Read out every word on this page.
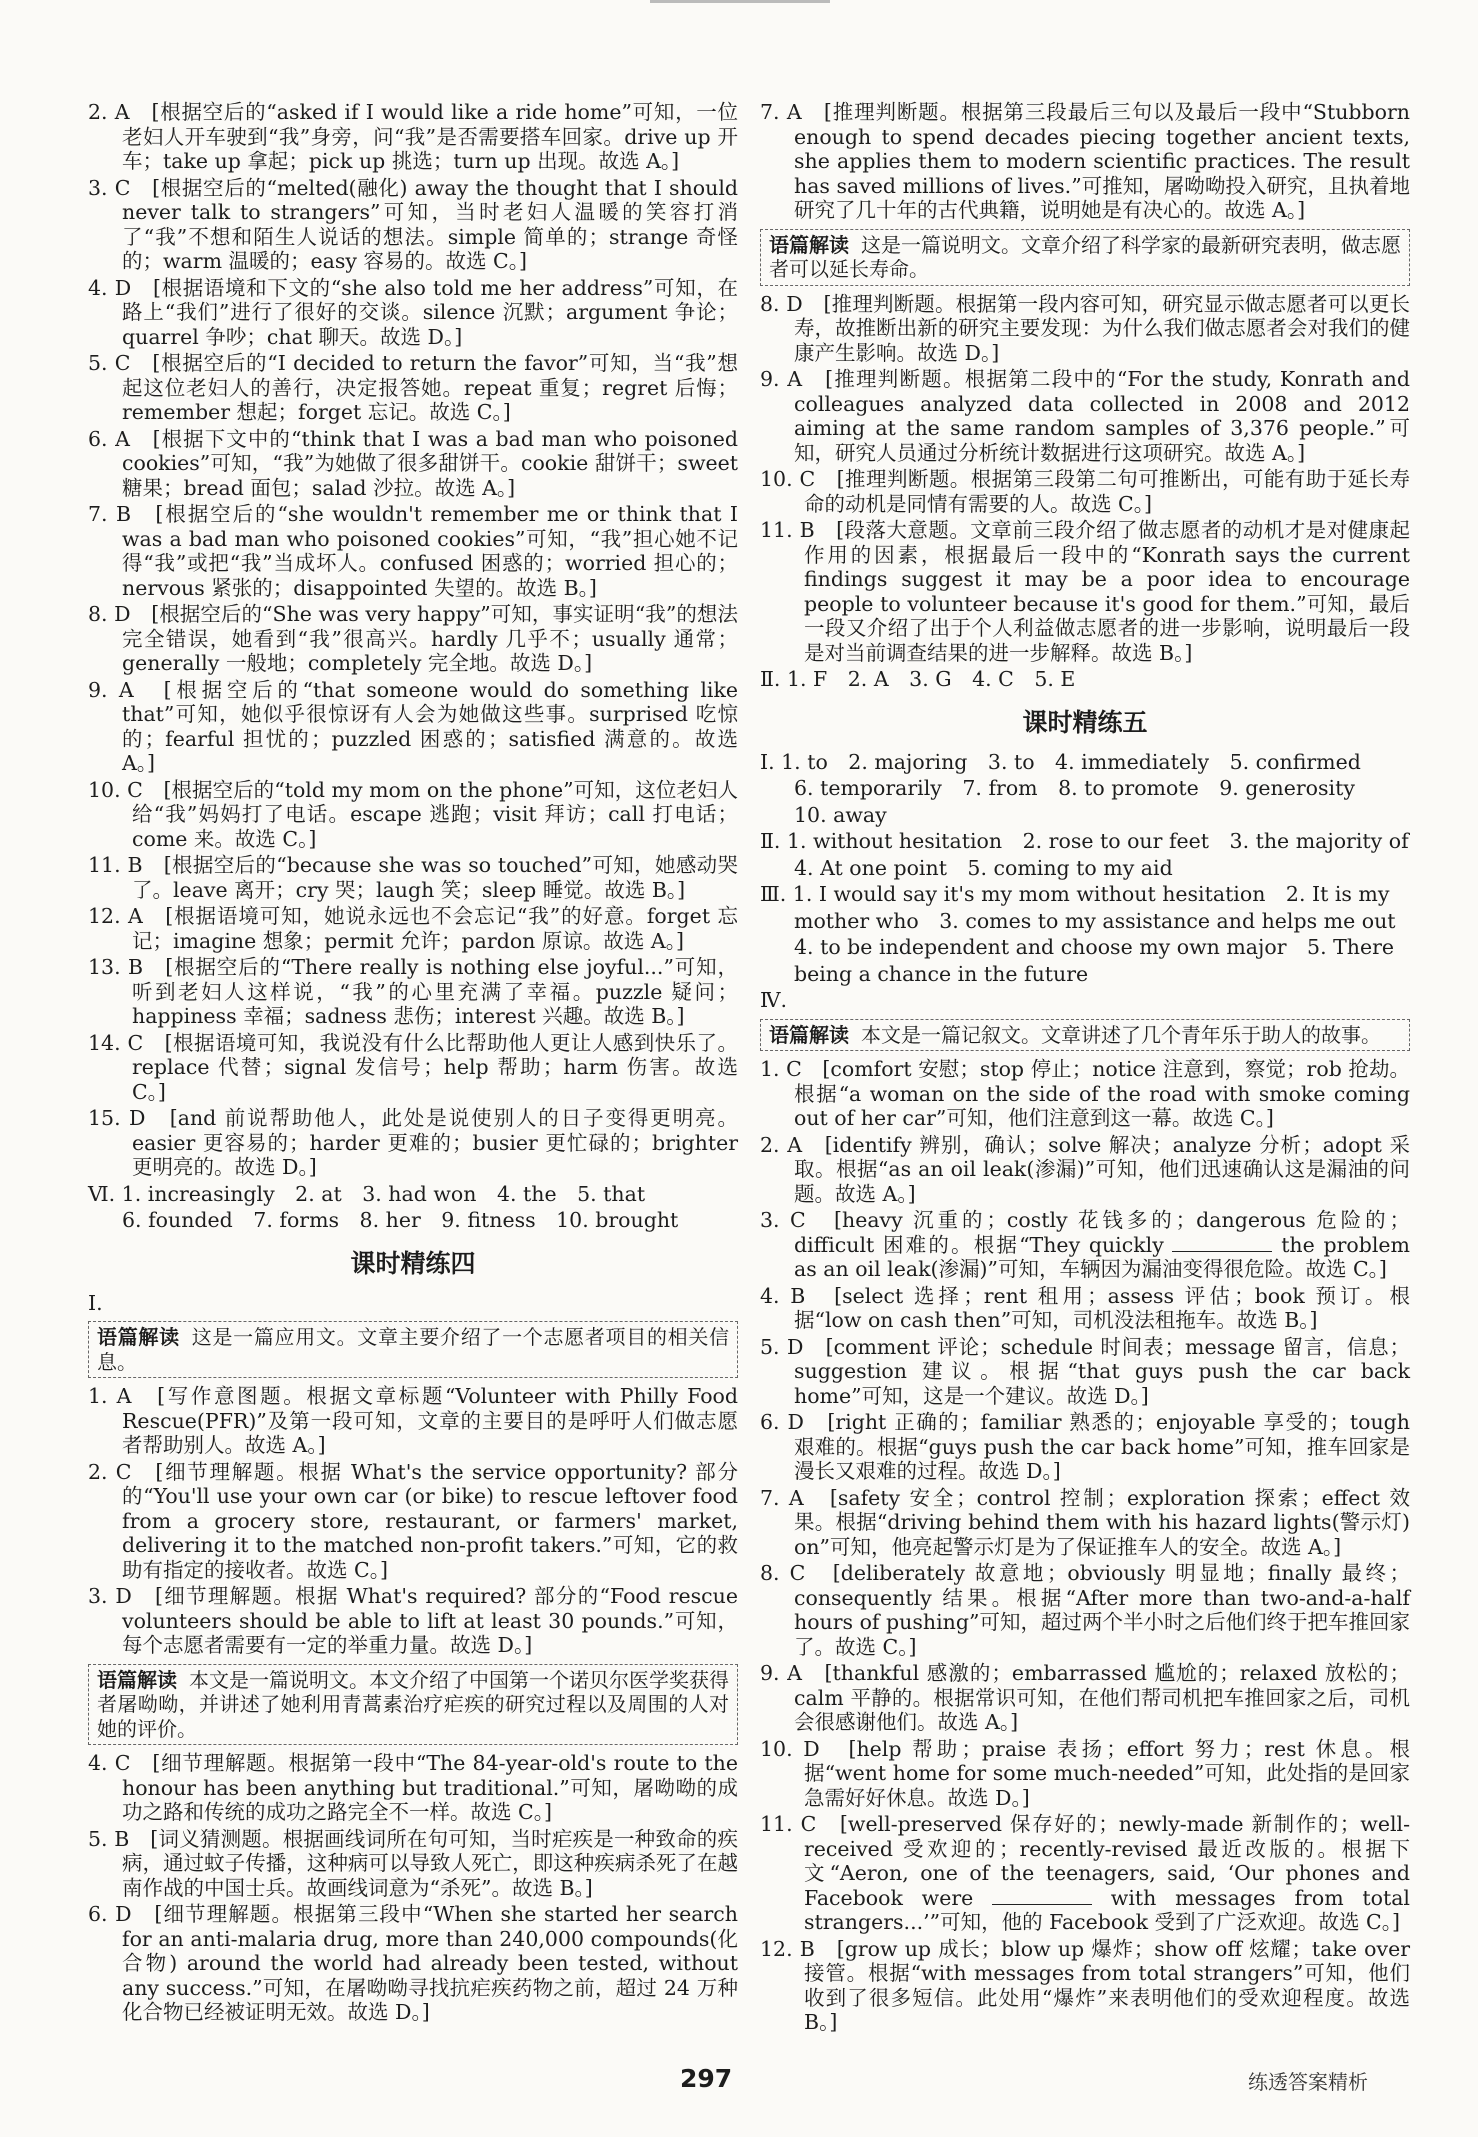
2. A　[根据空后的“asked if I would like a ride home”可知，一位老妇人开车驶到“我”身旁，问“我”是否需要搭车回家。drive up 开车；take up 拿起；pick up 挑选；turn up 出现。故选 A。]

3. C　[根据空后的“melted(融化) away the thought that I should never talk to strangers”可知，当时老妇人温暖的笑容打消了“我”不想和陌生人说话的想法。simple 简单的；strange 奇怪的；warm 温暖的；easy 容易的。故选 C。]

4. D　[根据语境和下文的“she also told me her address”可知，在路上“我们”进行了很好的交谈。silence 沉默；argument 争论；quarrel 争吵；chat 聊天。故选 D。]

5. C　[根据空后的“I decided to return the favor”可知，当“我”想起这位老妇人的善行，决定报答她。repeat 重复；regret 后悔；remember 想起；forget 忘记。故选 C。]

6. A　[根据下文中的“think that I was a bad man who poisoned cookies”可知，“我”为她做了很多甜饼干。cookie 甜饼干；sweet 糖果；bread 面包；salad 沙拉。故选 A。]

7. B　[根据空后的“she wouldn't remember me or think that I was a bad man who poisoned cookies”可知，“我”担心她不记得“我”或把“我”当成坏人。confused 困惑的；worried 担心的；nervous 紧张的；disappointed 失望的。故选 B。]

8. D　[根据空后的“She was very happy”可知，事实证明“我”的想法完全错误，她看到“我”很高兴。hardly 几乎不；usually 通常；generally 一般地；completely 完全地。故选 D。]

9. A　[根据空后的“that someone would do something like that”可知，她似乎很惊讶有人会为她做这些事。surprised 吃惊的；fearful 担忧的；puzzled 困惑的；satisfied 满意的。故选 A。]

10. C　[根据空后的“told my mom on the phone”可知，这位老妇人给“我”妈妈打了电话。escape 逃跑；visit 拜访；call 打电话；come 来。故选 C。]

11. B　[根据空后的“because she was so touched”可知，她感动哭了。leave 离开；cry 哭；laugh 笑；sleep 睡觉。故选 B。]

12. A　[根据语境可知，她说永远也不会忘记“我”的好意。forget 忘记；imagine 想象；permit 允许；pardon 原谅。故选 A。]

13. B　[根据空后的“There really is nothing else joyful...”可知，听到老妇人这样说，“我”的心里充满了幸福。puzzle 疑问；happiness 幸福；sadness 悲伤；interest 兴趣。故选 B。]

14. C　[根据语境可知，我说没有什么比帮助他人更让人感到快乐了。replace 代替；signal 发信号；help 帮助；harm 伤害。故选 C。]

15. D　[and 前说帮助他人，此处是说使别人的日子变得更明亮。easier 更容易的；harder 更难的；busier 更忙碌的；brighter 更明亮的。故选 D。]

Ⅵ. 1. increasingly　2. at　3. had won　4. the　5. that

6. founded　7. forms　8. her　9. fitness　10. brought

课时精练四

Ⅰ.

语篇解读 这是一篇应用文。文章主要介绍了一个志愿者项目的相关信息。

1. A　[写作意图题。根据文章标题“Volunteer with Philly Food Rescue(PFR)”及第一段可知，文章的主要目的是呼吁人们做志愿者帮助别人。故选 A。]

2. C　[细节理解题。根据 What's the service opportunity? 部分的“You'll use your own car (or bike) to rescue leftover food from a grocery store, restaurant, or farmers' market, delivering it to the matched non-profit takers.”可知，它的救助有指定的接收者。故选 C。]

3. D　[细节理解题。根据 What's required? 部分的“Food rescue volunteers should be able to lift at least 30 pounds.”可知，每个志愿者需要有一定的举重力量。故选 D。]

语篇解读 本文是一篇说明文。本文介绍了中国第一个诺贝尔医学奖获得者屠呦呦，并讲述了她利用青蒿素治疗疟疾的研究过程以及周围的人对她的评价。

4. C　[细节理解题。根据第一段中“The 84-year-old's route to the honour has been anything but traditional.”可知，屠呦呦的成功之路和传统的成功之路完全不一样。故选 C。]

5. B　[词义猜测题。根据画线词所在句可知，当时疟疾是一种致命的疾病，通过蚊子传播，这种病可以导致人死亡，即这种疾病杀死了在越南作战的中国士兵。故画线词意为“杀死”。故选 B。]

6. D　[细节理解题。根据第三段中“When she started her search for an anti-malaria drug, more than 240,000 compounds(化合物) around the world had already been tested, without any success.”可知，在屠呦呦寻找抗疟疾药物之前，超过 24 万种化合物已经被证明无效。故选 D。]

7. A　[推理判断题。根据第三段最后三句以及最后一段中“Stubborn enough to spend decades piecing together ancient texts, she applies them to modern scientific practices. The result has saved millions of lives.”可推知，屠呦呦投入研究，且执着地研究了几十年的古代典籍，说明她是有决心的。故选 A。]

语篇解读 这是一篇说明文。文章介绍了科学家的最新研究表明，做志愿者可以延长寿命。

8. D　[推理判断题。根据第一段内容可知，研究显示做志愿者可以更长寿，故推断出新的研究主要发现：为什么我们做志愿者会对我们的健康产生影响。故选 D。]

9. A　[推理判断题。根据第二段中的“For the study, Konrath and colleagues analyzed data collected in 2008 and 2012 aiming at the same random samples of 3,376 people.”可知，研究人员通过分析统计数据进行这项研究。故选 A。]

10. C　[推理判断题。根据第三段第二句可推断出，可能有助于延长寿命的动机是同情有需要的人。故选 C。]

11. B　[段落大意题。文章前三段介绍了做志愿者的动机才是对健康起作用的因素，根据最后一段中的“Konrath says the current findings suggest it may be a poor idea to encourage people to volunteer because it's good for them.”可知，最后一段又介绍了出于个人利益做志愿者的进一步影响，说明最后一段是对当前调查结果的进一步解释。故选 B。]

Ⅱ. 1. F　2. A　3. G　4. C　5. E

课时精练五

Ⅰ. 1. to　2. majoring　3. to　4. immediately　5. confirmed

6. temporarily　7. from　8. to promote　9. generosity

10. away

Ⅱ. 1. without hesitation　2. rose to our feet　3. the majority of

4. At one point　5. coming to my aid

Ⅲ. 1. I would say it's my mom without hesitation　2. It is my

mother who　3. comes to my assistance and helps me out

4. to be independent and choose my own major　5. There

being a chance in the future

Ⅳ.

语篇解读 本文是一篇记叙文。文章讲述了几个青年乐于助人的故事。

1. C　[comfort 安慰；stop 停止；notice 注意到，察觉；rob 抢劫。根据“a woman on the side of the road with smoke coming out of her car”可知，他们注意到这一幕。故选 C。]

2. A　[identify 辨别，确认；solve 解决；analyze 分析；adopt 采取。根据“as an oil leak(渗漏)”可知，他们迅速确认这是漏油的问题。故选 A。]

3. C　[heavy 沉重的；costly 花钱多的；dangerous 危险的；difficult 困难的。根据“They quickly	the problem as an oil leak(渗漏)”可知，车辆因为漏油变得很危险。故选 C。]

4. B　[select 选择；rent 租用；assess 评估；book 预订。根据“low on cash then”可知，司机没法租拖车。故选 B。]

5. D　[comment 评论；schedule 时间表；message 留言，信息；suggestion 建议。根据“that guys push the car back home”可知，这是一个建议。故选 D。]

6. D　[right 正确的；familiar 熟悉的；enjoyable 享受的；tough 艰难的。根据“guys push the car back home”可知，推车回家是漫长又艰难的过程。故选 D。]

7. A　[safety 安全；control 控制；exploration 探索；effect 效果。根据“driving behind them with his hazard lights(警示灯) on”可知，他亮起警示灯是为了保证推车人的安全。故选 A。]

8. C　[deliberately 故意地；obviously 明显地；finally 最终；consequently 结果。根据“After more than two-and-a-half hours of pushing”可知，超过两个半小时之后他们终于把车推回家了。故选 C。]

9. A　[thankful 感激的；embarrassed 尴尬的；relaxed 放松的；calm 平静的。根据常识可知，在他们帮司机把车推回家之后，司机会很感谢他们。故选 A。]

10. D　[help 帮助；praise 表扬；effort 努力；rest 休息。根据“went home for some much-needed”可知，此处指的是回家急需好好休息。故选 D。]

11. C　[well-preserved 保存好的；newly-made 新制作的；well-received 受欢迎的；recently-revised 最近改版的。根据下文“Aeron, one of the teenagers, said, ‘Our phones and Facebook were	with messages from total strangers...’”可知，他的 Facebook 受到了广泛欢迎。故选 C。]

12. B　[grow up 成长；blow up 爆炸；show off 炫耀；take over 接管。根据“with messages from total strangers”可知，他们收到了很多短信。此处用“爆炸”来表明他们的受欢迎程度。故选 B。]

297	练透答案精析
